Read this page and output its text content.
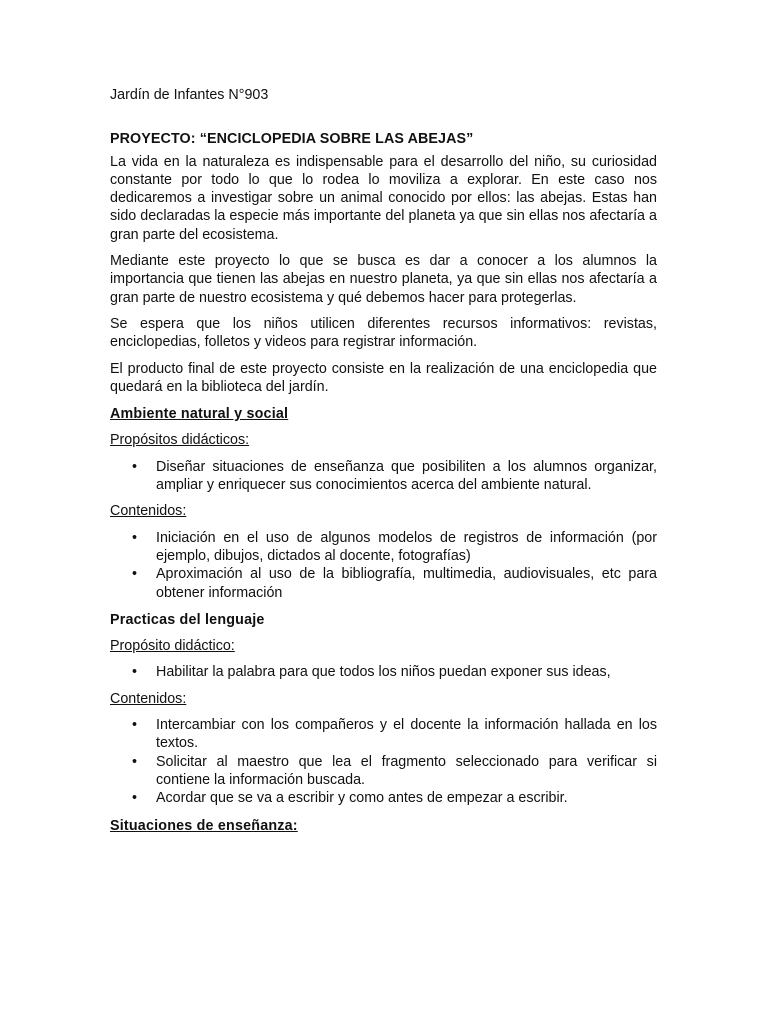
Jardín de Infantes N°903
PROYECTO: “ENCICLOPEDIA SOBRE LAS ABEJAS”

La vida en la naturaleza es indispensable para el desarrollo del niño, su curiosidad constante por todo lo que lo rodea lo moviliza a explorar. En este caso nos dedicaremos a investigar sobre un animal conocido por ellos: las abejas. Estas han sido declaradas la especie más importante del planeta ya que sin ellas nos afectaría a gran parte del ecosistema.

Mediante este proyecto lo que se busca es dar a conocer a los alumnos la importancia que tienen las abejas en nuestro planeta, ya que sin ellas nos afectaría a gran parte de nuestro ecosistema y qué debemos hacer para protegerlas.

Se espera que los niños utilicen diferentes recursos informativos: revistas, enciclopedias, folletos y videos para registrar información.

El producto final de este proyecto consiste en la realización de una enciclopedia que quedará en la biblioteca del jardín.

Ambiente natural y social
Propósitos didácticos:
• Diseñar situaciones de enseñanza que posibiliten a los alumnos organizar, ampliar y enriquecer sus conocimientos acerca del ambiente natural.
Contenidos:
• Iniciación en el uso de algunos modelos de registros de información (por ejemplo, dibujos, dictados al docente, fotografías)
• Aproximación al uso de la bibliografía, multimedia, audiovisuales, etc para obtener información
Practicas del lenguaje
Propósito didáctico:
• Habilitar la palabra para que todos los niños puedan exponer sus ideas,
Contenidos:
• Intercambiar con los compañeros y el docente la información hallada en los textos.
• Solicitar al maestro que lea el fragmento seleccionado para verificar si contiene la información buscada.
• Acordar que se va a escribir y como antes de empezar a escribir.
Situaciones de enseñanza:
